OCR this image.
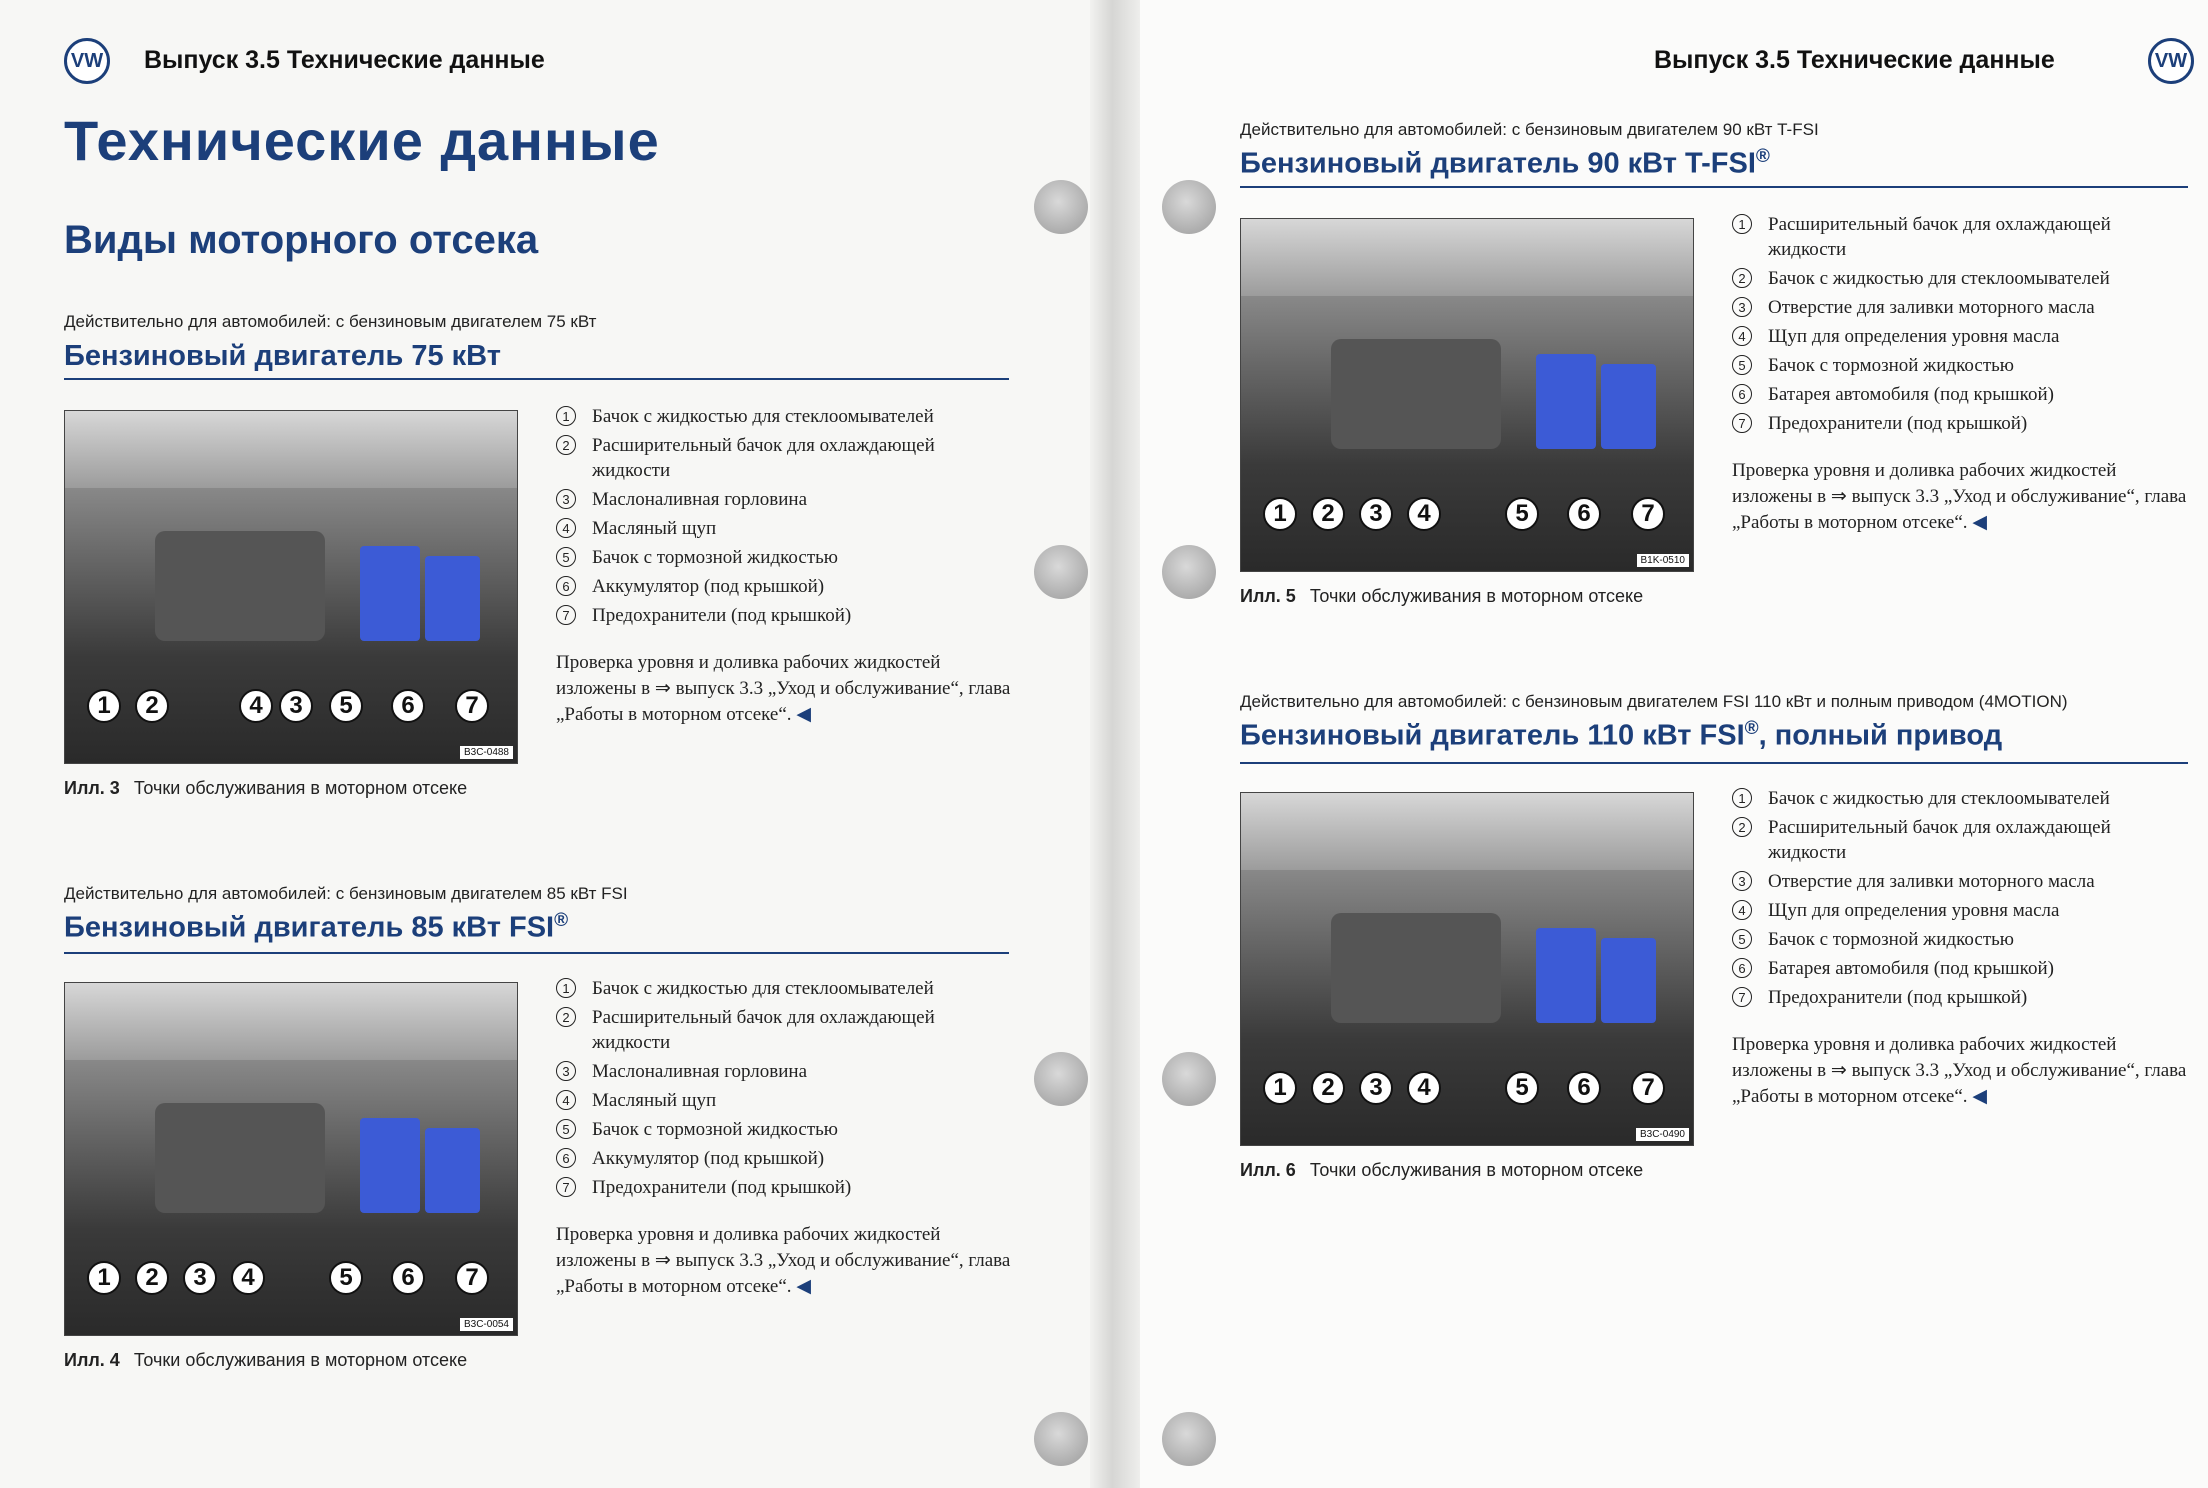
VW Выпуск 3.5 Технические данные	Выпуск 3.5 Технические данные	VW
Технические данные
Виды моторного отсека
Действительно для автомобилей: с бензиновым двигателем 75 кВт
Бензиновый двигатель 75 кВт
1	2	4	3	5	6	7
B3C-0488
1	Бачок с жидкостью для стеклоомывателей
2	Расширительный бачок для охлаждающей жидкости
3	Маслоналивная горловина
4	Масляный щуп
5	Бачок с тормозной жидкостью
6	Аккумулятор (под крышкой)
7	Предохранители (под крышкой)
Проверка уровня и доливка рабочих жидкостей изложены в ⇒ выпуск 3.3 „Уход и обслуживание“, глава „Работы в моторном отсеке“. ◀
Илл. 3 Точки обслуживания в моторном отсеке
Действительно для автомобилей: с бензиновым двигателем 85 кВт FSI
Бензиновый двигатель 85 кВт FSI®
1	2	3	4	5	6	7
B3C-0054
1	Бачок с жидкостью для стеклоомывателей
2	Расширительный бачок для охлаждающей жидкости
3	Маслоналивная горловина
4	Масляный щуп
5	Бачок с тормозной жидкостью
6	Аккумулятор (под крышкой)
7	Предохранители (под крышкой)
Проверка уровня и доливка рабочих жидкостей изложены в ⇒ выпуск 3.3 „Уход и обслуживание“, глава „Работы в моторном отсеке“. ◀
Илл. 4 Точки обслуживания в моторном отсеке
Действительно для автомобилей: с бензиновым двигателем 90 кВт T-FSI
Бензиновый двигатель 90 кВт T-FSI®
1	2	3	4	5	6	7
B1K-0510
1	Расширительный бачок для охлаждающей жидкости
2	Бачок с жидкостью для стеклоомывателей
3	Отверстие для заливки моторного масла
4	Щуп для определения уровня масла
5	Бачок с тормозной жидкостью
6	Батарея автомобиля (под крышкой)
7	Предохранители (под крышкой)
Проверка уровня и доливка рабочих жидкостей изложены в ⇒ выпуск 3.3 „Уход и обслуживание“, глава „Работы в моторном отсеке“. ◀
Илл. 5 Точки обслуживания в моторном отсеке
Действительно для автомобилей: с бензиновым двигателем FSI 110 кВт и полным приводом (4MOTION)
Бензиновый двигатель 110 кВт FSI®, полный привод
1	2	3	4	5	6	7
B3C-0490
1	Бачок с жидкостью для стеклоомывателей
2	Расширительный бачок для охлаждающей жидкости
3	Отверстие для заливки моторного масла
4	Щуп для определения уровня масла
5	Бачок с тормозной жидкостью
6	Батарея автомобиля (под крышкой)
7	Предохранители (под крышкой)
Проверка уровня и доливка рабочих жидкостей изложены в ⇒ выпуск 3.3 „Уход и обслуживание“, глава „Работы в моторном отсеке“. ◀
Илл. 6 Точки обслуживания в моторном отсеке
